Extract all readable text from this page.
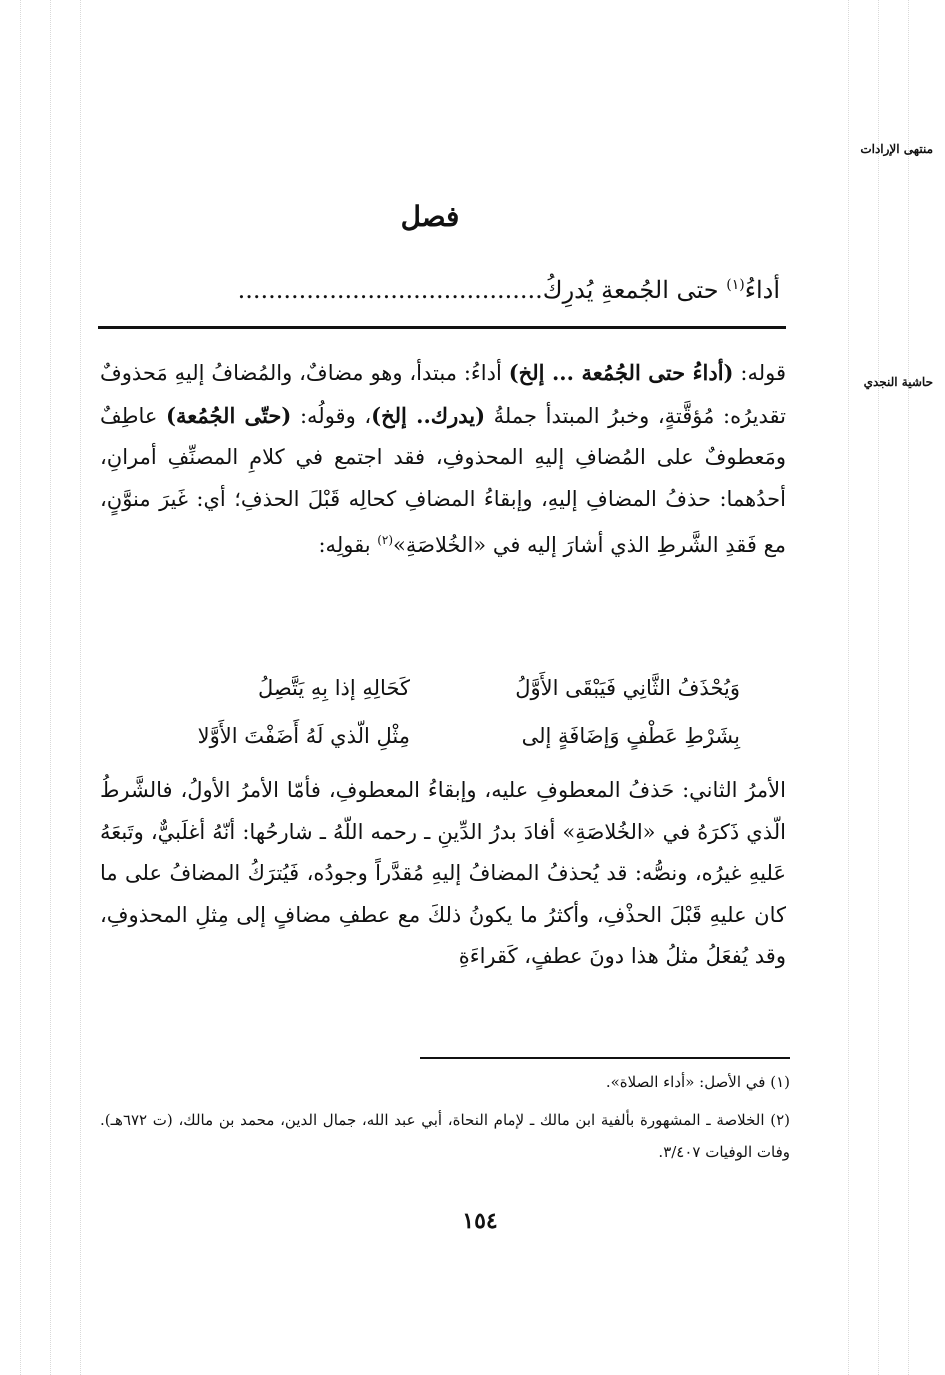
منتهى الإرادات
حاشية النجدي
فصل
أداءُ$^{(١)}$ حتى الجُمعةِ يُدرِكُ........................................

قوله: (أداءُ حتى الجُمُعة ... إلخ) أداءُ: مبتدأ، وهو مضافٌ، والمُضافُ إليهِ مَحذوفٌ تقديرُه: مُؤقَّتةٍ، وخبرُ المبتدأ جملةُ (يدرك.. إلخ)، وقولُه: (حتّى الجُمُعة) عاطِفٌ ومَعطوفٌ على المُضافِ إليهِ المحذوفِ، فقد اجتمع في كلامِ المصنِّفِ أمرانِ، أحدُهما: حذفُ المضافِ إليهِ، وإبقاءُ المضافِ كحالِه قَبْلَ الحذفِ؛ أي: غَيرَ منوَّنٍ، مع فَقدِ الشَّرطِ الذي أشارَ إليه في «الخُلاصَةِ»$^{(٢)}$ بقولِه:

وَيُحْذَفُ الثَّانِي فَيَبْقَى الأَوَّلُ
كَحَالِهِ إذا بِهِ يَتَّصِلُ
بِشَرْطِ عَطْفٍ وَإضَافَةٍ إلى
مِثْلِ الّذي لَهُ أَضَفْتَ الأَوَّلا

الأمرُ الثاني: حَذفُ المعطوفِ عليه، وإبقاءُ المعطوفِ، فأمّا الأمرُ الأولُ، فالشَّرطُ الّذي ذَكرَهُ في «الخُلاصَةِ» أفادَ بدرُ الدِّينِ ـ رحمه اللّهُ ـ شارحُها: أنّهُ أغلَبيٌّ، وتَبعَهُ عَليهِ غيرُه، ونصُّه: قد يُحذفُ المضافُ إليهِ مُقدَّراً وجودُه، فَيُترَكُ المضافُ على ما كان عليهِ قَبْلَ الحذْفِ، وأكثرُ ما يكونُ ذلكَ مع عطفِ مضافٍ إلى مِثلِ المحذوفِ، وقد يُفعَلُ مثلُ هذا دونَ عطفٍ، كَقراءَةِ

(١) في الأصل: «أداء الصلاة».

(٢) الخلاصة ـ المشهورة بألفية ابن مالك ـ لإمام النحاة، أبي عبد الله، جمال الدين، محمد بن مالك، (ت ٦٧٢هـ). وفات الوفيات ٣/٤٠٧.

١٥٤
